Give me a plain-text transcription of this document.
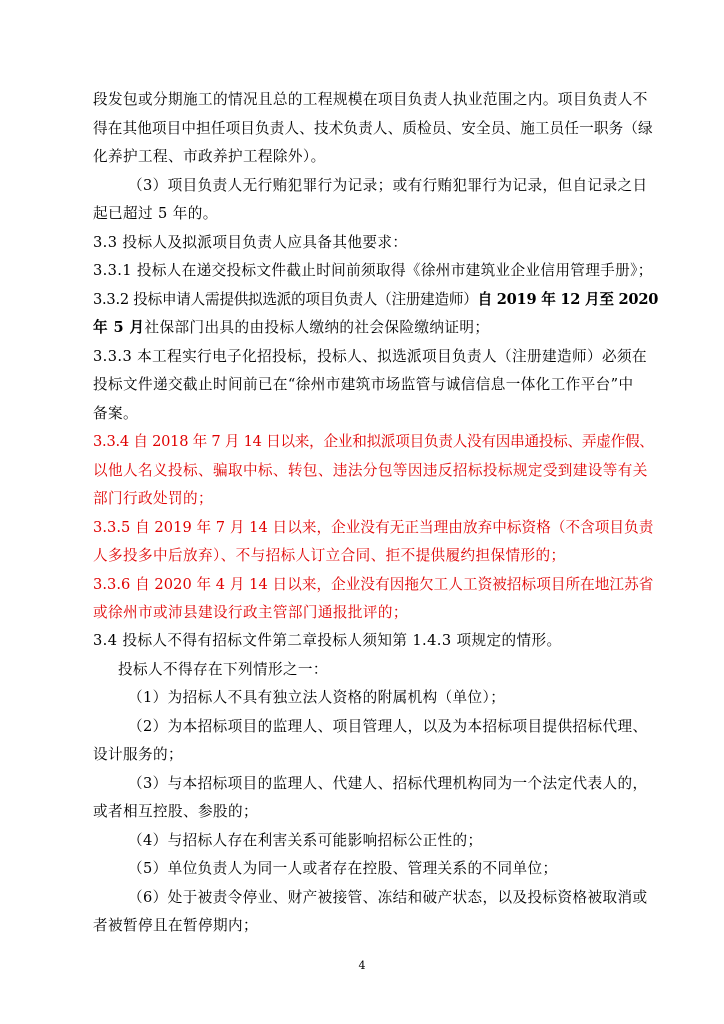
段发包或分期施工的情况且总的工程规模在项目负责人执业范围之内。项目负责人不
得在其他项目中担任项目负责人、技术负责人、质检员、安全员、施工员任一职务（绿
化养护工程、市政养护工程除外）。
（3）项目负责人无行贿犯罪行为记录；或有行贿犯罪行为记录，但自记录之日
起已超过 5 年的。
3.3 投标人及拟派项目负责人应具备其他要求：
3.3.1 投标人在递交投标文件截止时间前须取得《徐州市建筑业企业信用管理手册》；
3.3.2 投标申请人需提供拟选派的项目负责人（注册建造师）自 2019 年 12 月至 2020
年 5 月社保部门出具的由投标人缴纳的社会保险缴纳证明；
3.3.3 本工程实行电子化招投标，投标人、拟选派项目负责人（注册建造师）必须在
投标文件递交截止时间前已在“徐州市建筑市场监管与诚信信息一体化工作平台”中
备案。
3.3.4 自 2018 年 7 月 14 日以来，企业和拟派项目负责人没有因串通投标、弄虚作假、
以他人名义投标、骗取中标、转包、违法分包等因违反招标投标规定受到建设等有关
部门行政处罚的；
3.3.5 自 2019 年 7 月 14 日以来，企业没有无正当理由放弃中标资格（不含项目负责
人多投多中后放弃）、不与招标人订立合同、拒不提供履约担保情形的；
3.3.6 自 2020 年 4 月 14 日以来，企业没有因拖欠工人工资被招标项目所在地江苏省
或徐州市或沛县建设行政主管部门通报批评的；
3.4 投标人不得有招标文件第二章投标人须知第 1.4.3 项规定的情形。
投标人不得存在下列情形之一：
（1）为招标人不具有独立法人资格的附属机构（单位）；
（2）为本招标项目的监理人、项目管理人，以及为本招标项目提供招标代理、
设计服务的；
（3）与本招标项目的监理人、代建人、招标代理机构同为一个法定代表人的，
或者相互控股、参股的；
（4）与招标人存在利害关系可能影响招标公正性的；
（5）单位负责人为同一人或者存在控股、管理关系的不同单位；
（6）处于被责令停业、财产被接管、冻结和破产状态，以及投标资格被取消或
者被暂停且在暂停期内；
4
